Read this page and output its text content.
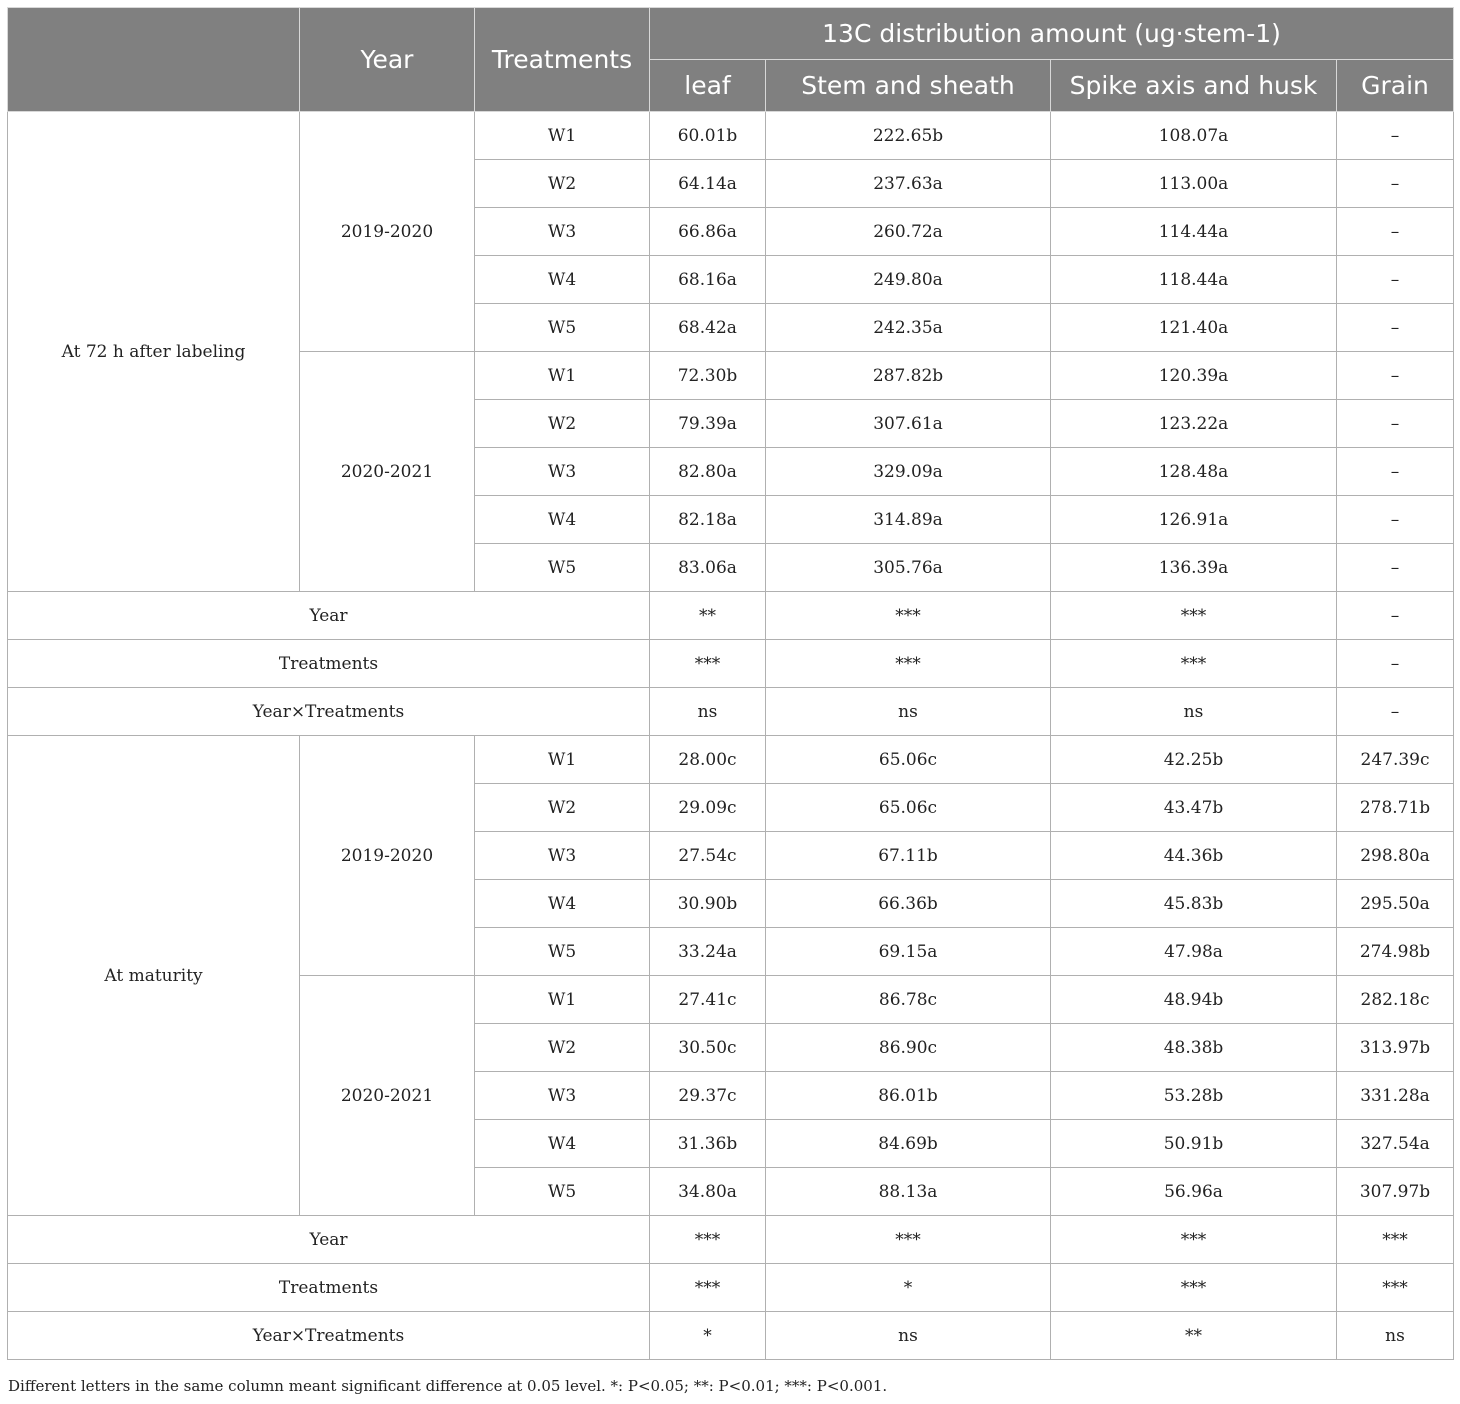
	Year	Treatments	13C distribution amount (ug·stem-1)			
			leaf	Stem and sheath	Spike axis and husk	Grain
At 72 h after labeling	2019-2020	W1	60.01b	222.65b	108.07a	–
		W2	64.14a	237.63a	113.00a	–
		W3	66.86a	260.72a	114.44a	–
		W4	68.16a	249.80a	118.44a	–
		W5	68.42a	242.35a	121.40a	–
	2020-2021	W1	72.30b	287.82b	120.39a	–
		W2	79.39a	307.61a	123.22a	–
		W3	82.80a	329.09a	128.48a	–
		W4	82.18a	314.89a	126.91a	–
		W5	83.06a	305.76a	136.39a	–
Year			**	***	***	–
Treatments			***	***	***	–
Year×Treatments			ns	ns	ns	–
At maturity	2019-2020	W1	28.00c	65.06c	42.25b	247.39c
		W2	29.09c	65.06c	43.47b	278.71b
		W3	27.54c	67.11b	44.36b	298.80a
		W4	30.90b	66.36b	45.83b	295.50a
		W5	33.24a	69.15a	47.98a	274.98b
	2020-2021	W1	27.41c	86.78c	48.94b	282.18c
		W2	30.50c	86.90c	48.38b	313.97b
		W3	29.37c	86.01b	53.28b	331.28a
		W4	31.36b	84.69b	50.91b	327.54a
		W5	34.80a	88.13a	56.96a	307.97b
Year			***	***	***	***
Treatments			***	*	***	***
Year×Treatments			*	ns	**	ns
Different letters in the same column meant significant difference at 0.05 level. *: P<0.05; **: P<0.01; ***: P<0.001.
